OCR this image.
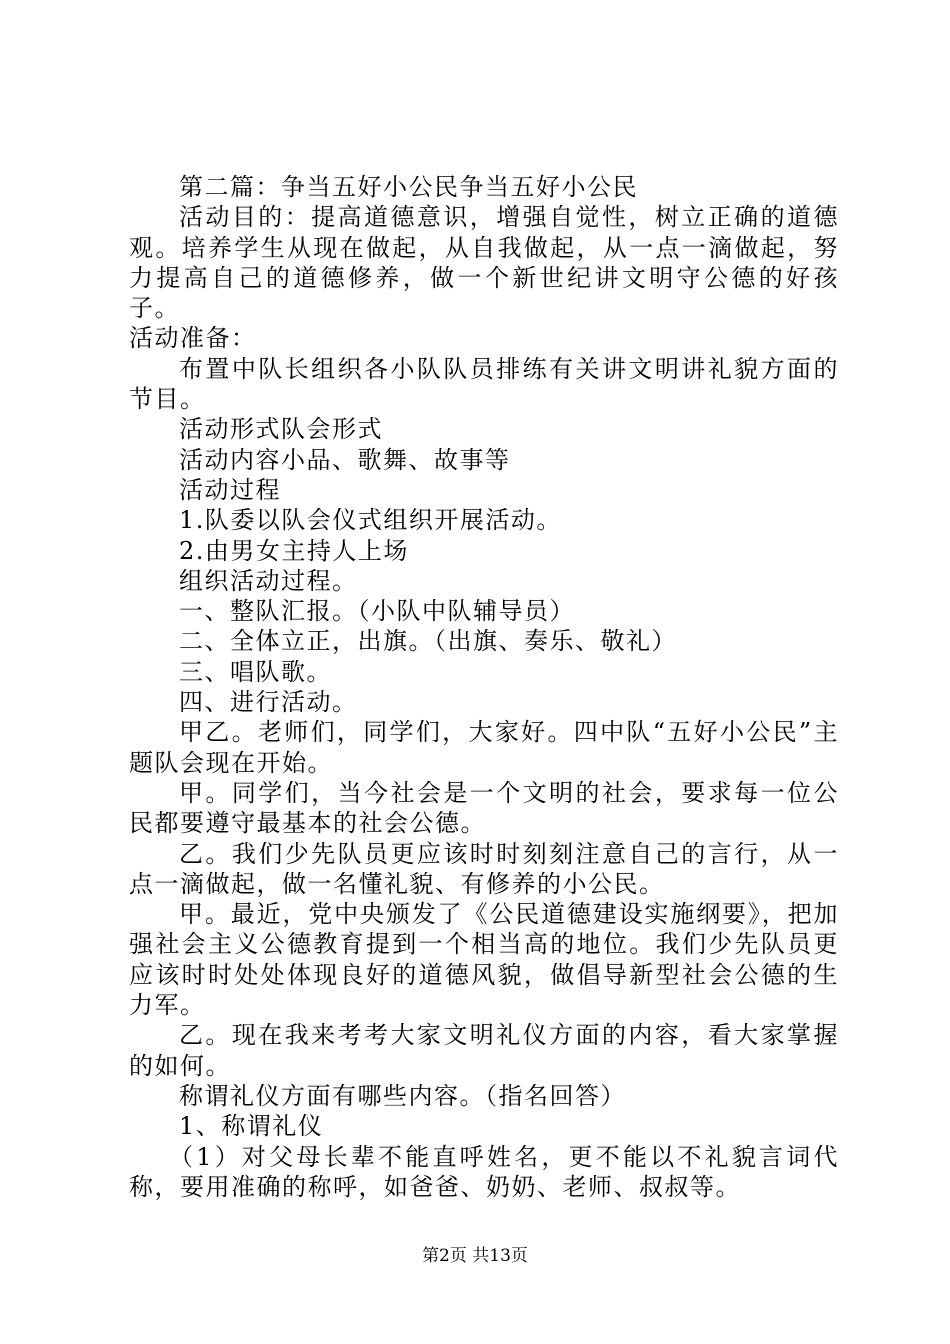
第二篇：争当五好小公民争当五好小公民

活动目的：提高道德意识，增强自觉性，树立正确的道德观。培养学生从现在做起，从自我做起，从一点一滴做起，努力提高自己的道德修养，做一个新世纪讲文明守公德的好孩子。

活动准备：

布置中队长组织各小队队员排练有关讲文明讲礼貌方面的节目。

活动形式队会形式

活动内容小品、歌舞、故事等

活动过程

1.队委以队会仪式组织开展活动。

2.由男女主持人上场

组织活动过程。

一、整队汇报。（小队中队辅导员）

二、全体立正，出旗。（出旗、奏乐、敬礼）

三、唱队歌。

四、进行活动。

甲乙。老师们，同学们，大家好。四中队“五好小公民”主题队会现在开始。

甲。同学们，当今社会是一个文明的社会，要求每一位公民都要遵守最基本的社会公德。

乙。我们少先队员更应该时时刻刻注意自己的言行，从一点一滴做起，做一名懂礼貌、有修养的小公民。

甲。最近，党中央颁发了《公民道德建设实施纲要》，把加强社会主义公德教育提到一个相当高的地位。我们少先队员更应该时时处处体现良好的道德风貌，做倡导新型社会公德的生力军。

乙。现在我来考考大家文明礼仪方面的内容，看大家掌握的如何。

称谓礼仪方面有哪些内容。（指名回答）

1、称谓礼仪

（1）对父母长辈不能直呼姓名，更不能以不礼貌言词代称，要用准确的称呼，如爸爸、奶奶、老师、叔叔等。

第2页 共13页
